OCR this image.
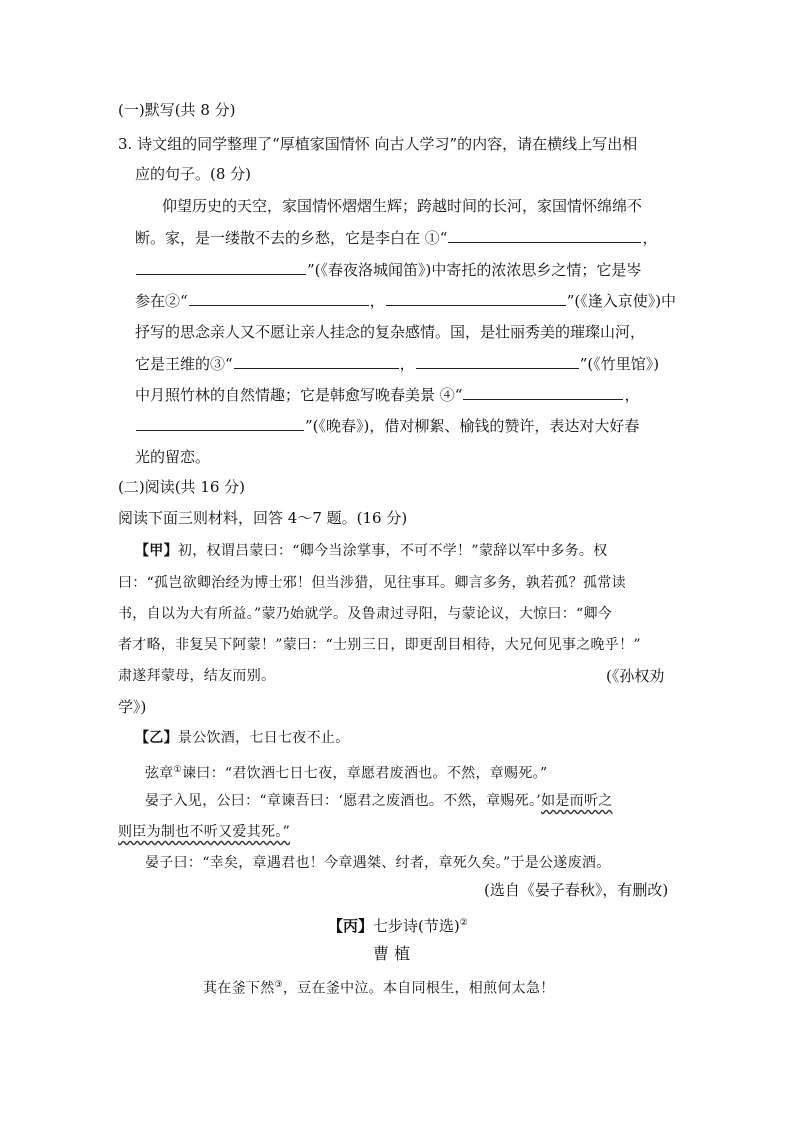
(一)默写(共 8 分)
3. 诗文组的同学整理了“厚植家国情怀 向古人学习”的内容，请在横线上写出相
应的句子。(8 分)
仰望历史的天空，家国情怀熠熠生辉；跨越时间的长河，家国情怀绵绵不
断。家，是一缕散不去的乡愁，它是李白在 ①“	，
”(《春夜洛城闻笛》)中寄托的浓浓思乡之情；它是岑
参在②“	，	”(《逢入京使》)中
抒写的思念亲人又不愿让亲人挂念的复杂感情。国，是壮丽秀美的璀璨山河，
它是王维的③“	，	”(《竹里馆》)
中月照竹林的自然情趣；它是韩愈写晚春美景 ④“	，
”(《晚春》)，借对柳絮、榆钱的赞许，表达对大好春
光的留恋。
(二)阅读(共 16 分)
阅读下面三则材料，回答 4～7 题。(16 分)
【甲】初，权谓吕蒙曰：“卿今当涂掌事，不可不学！”蒙辞以军中多务。权
曰：“孤岂欲卿治经为博士邪！但当涉猎，见往事耳。卿言多务，孰若孤？孤常读
书，自以为大有所益。”蒙乃始就学。及鲁肃过寻阳，与蒙论议，大惊曰：“卿今
者才略，非复吴下阿蒙！”蒙曰：“士别三日，即更刮目相待，大兄何见事之晚乎！”
肃遂拜蒙母，结友而别。	(《孙权劝
学》)
【乙】景公饮酒，七日七夜不止。
弦章①谏曰：“君饮酒七日七夜，章愿君废酒也。不然，章赐死。”
晏子入见，公曰：“章谏吾曰：‘愿君之废酒也。不然，章赐死。’如是而听之
则臣为制也不听又爱其死。”
晏子曰：“幸矣，章遇君也！今章遇桀、纣者，章死久矣。”于是公遂废酒。
(选自《晏子春秋》，有删改)
【丙】七步诗(节选)②
曹 植
萁在釜下然③，豆在釜中泣。本自同根生，相煎何太急！
